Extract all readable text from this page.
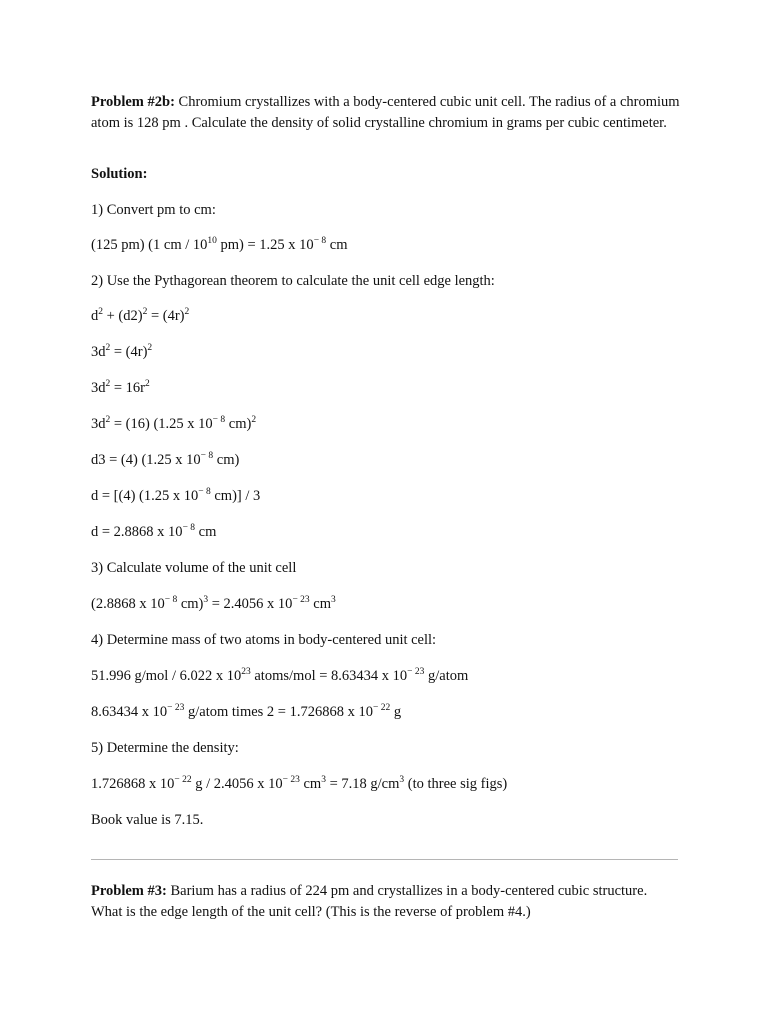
Problem #2b: Chromium crystallizes with a body-centered cubic unit cell. The radius of a chromium atom is 128 pm . Calculate the density of solid crystalline chromium in grams per cubic centimeter.
Solution:
1) Convert pm to cm:
(125 pm) (1 cm / $10^{10}$ pm) = 1.25 x $10^{- 8}$ cm
2) Use the Pythagorean theorem to calculate the unit cell edge length:
$d^2 + (d2)^2 = (4r)^2$
$3d^2 = (4r)^2$
$3d^2 = 16r^2$
$3d^2 = (16)$ (1.25 x $10^{- 8}$ cm)$^2$
d3 = (4) (1.25 x $10^{- 8}$ cm)
d = [(4) (1.25 x $10^{- 8}$ cm)] / 3
d = 2.8868 x $10^{- 8}$ cm
3) Calculate volume of the unit cell
(2.8868 x $10^{- 8}$ cm)$^3$ = 2.4056 x $10^{- 23}$ $cm^3$
4) Determine mass of two atoms in body-centered unit cell:
51.996 g/mol / 6.022 x $10^{23}$ atoms/mol = 8.63434 x $10^{- 23}$ g/atom
8.63434 x $10^{- 23}$ g/atom times 2 = 1.726868 x $10^{- 22}$ g
5) Determine the density:
1.726868 x $10^{- 22}$ g / 2.4056 x $10^{- 23}$ $cm^3 = 7.18$ $g/cm^3$ (to three sig figs)
Book value is 7.15.
Problem #3: Barium has a radius of 224 pm and crystallizes in a body-centered cubic structure. What is the edge length of the unit cell? (This is the reverse of problem #4.)
